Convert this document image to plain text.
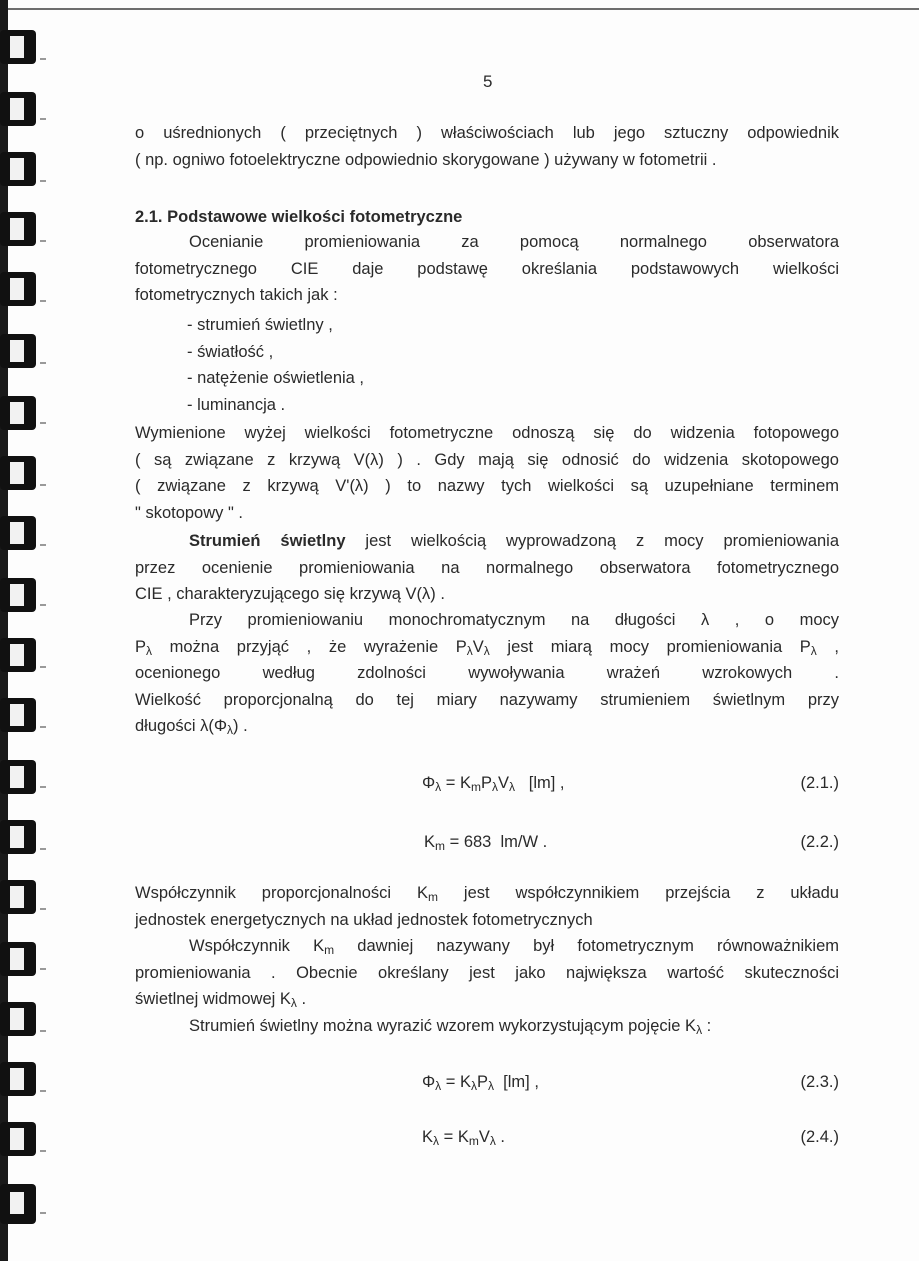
5
o uśrednionych ( przeciętnych ) właściwościach lub jego sztuczny odpowiednik
( np. ogniwo fotoelektryczne odpowiednio skorygowane ) używany w fotometrii .
2.1. Podstawowe wielkości fotometryczne
Ocenianie promieniowania za pomocą normalnego obserwatora
fotometrycznego CIE daje podstawę określania podstawowych wielkości
fotometrycznych takich jak :
- strumień świetlny ,
- światłość ,
- natężenie oświetlenia ,
- luminancja .
Wymienione wyżej wielkości fotometryczne odnoszą się do widzenia fotopowego
( są związane z krzywą V(λ) ) . Gdy mają się odnosić do widzenia skotopowego
( związane z krzywą V'(λ) ) to nazwy tych wielkości są uzupełniane terminem
" skotopowy " .
Strumień świetlny jest wielkością wyprowadzoną z mocy promieniowania
przez ocenienie promieniowania na normalnego obserwatora fotometrycznego
CIE , charakteryzującego się krzywą V(λ) .
Przy promieniowaniu monochromatycznym na długości λ , o mocy
$P_\lambda$ można przyjąć , że wyrażenie $P_\lambda V_\lambda$ jest miarą mocy promieniowania $P_\lambda$ ,
ocenionego według zdolności wywoływania wrażeń wzrokowych .
Wielkość proporcjonalną do tej miary nazywamy strumieniem świetlnym przy
długości $\lambda(\Phi_\lambda)$ .
$\Phi_\lambda = K_mP_\lambda V_\lambda$   [lm] ,	(2.1.)
$K_m = 683$  lm/W .	(2.2.)
Współczynnik proporcjonalności $K_m$ jest współczynnikiem przejścia z układu
jednostek energetycznych na układ jednostek fotometrycznych
Współczynnik $K_m$ dawniej nazywany był fotometrycznym równoważnikiem
promieniowania . Obecnie określany jest jako największa wartość skuteczności
świetlnej widmowej $K_\lambda$ .
Strumień świetlny można wyrazić wzorem wykorzystującym pojęcie $K_\lambda$ :
$\Phi_\lambda = K_\lambda P_\lambda$  [lm] ,	(2.3.)
$K_\lambda = K_mV_\lambda$ .	(2.4.)
